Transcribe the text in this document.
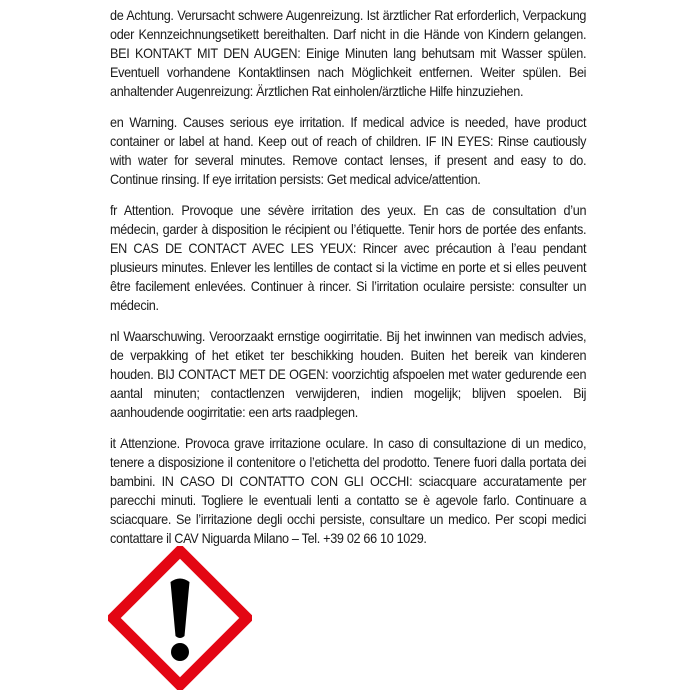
de Achtung. Verursacht schwere Augenreizung. Ist ärztlicher Rat erforderlich, Verpackung oder Kennzeichnungsetikett bereithalten. Darf nicht in die Hände von Kindern gelangen. BEI KONTAKT MIT DEN AUGEN: Einige Minuten lang behutsam mit Wasser spülen. Eventuell vorhandene Kontaktlinsen nach Möglichkeit entfernen. Weiter spülen. Bei anhaltender Augenreizung: Ärztlichen Rat einholen/ärztliche Hilfe hinzuziehen.

en Warning. Causes serious eye irritation. If medical advice is needed, have product container or label at hand. Keep out of reach of children. IF IN EYES: Rinse cautiously with water for several minutes. Remove contact lenses, if present and easy to do. Continue rinsing. If eye irritation persists: Get medical advice/attention.

fr Attention. Provoque une sévère irritation des yeux. En cas de consultation d’un médecin, garder à disposition le récipient ou l’étiquette. Tenir hors de portée des enfants. EN CAS DE CONTACT AVEC LES YEUX: Rincer avec précaution à l’eau pendant plusieurs minutes. Enlever les lentilles de contact si la victime en porte et si elles peuvent être facilement enlevées. Continuer à rincer. Si l’irritation oculaire persiste: consulter un médecin.

nl Waarschuwing. Veroorzaakt ernstige oogirritatie. Bij het inwinnen van medisch advies, de verpakking of het etiket ter beschikking houden. Buiten het bereik van kinderen houden. BIJ CONTACT MET DE OGEN: voorzichtig afspoelen met water gedurende een aantal minuten; contactlenzen verwijderen, indien mogelijk; blijven spoelen. Bij aanhoudende oogirritatie: een arts raadplegen.

it Attenzione. Provoca grave irritazione oculare. In caso di consultazione di un medico, tenere a disposizione il contenitore o l’etichetta del prodotto. Tenere fuori dalla portata dei bambini. IN CASO DI CONTATTO CON GLI OCCHI: sciacquare accuratamente per parecchi minuti. Togliere le eventuali lenti a contatto se è agevole farlo. Continuare a sciacquare. Se l’irritazione degli occhi persiste, consultare un medico. Per scopi medici contattare il CAV Niguarda Milano – Tel. +39 02 66 10 1029.
